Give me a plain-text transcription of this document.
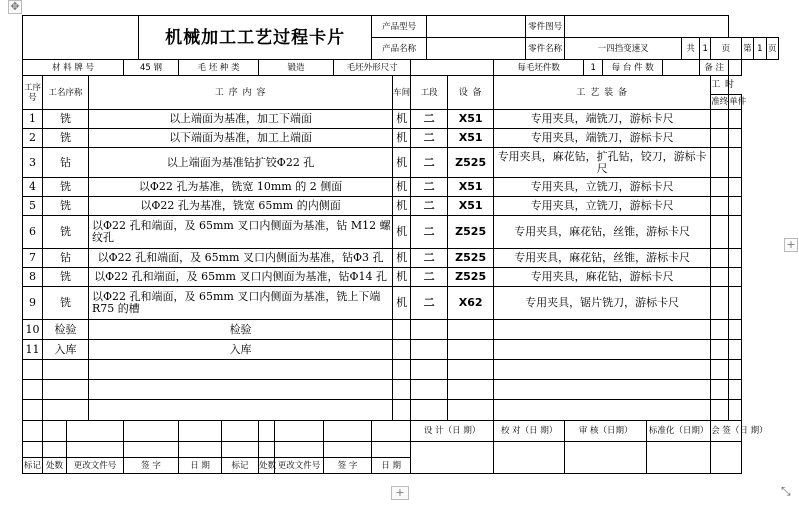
✥
+
+	⤡
					机械加工工艺过程卡片							产品型号						零件图号												
												产品名称						零件名称	一四挡变速叉					共	1	页		第	1	页
材 料 牌 号				45 钢		毛 坯 种 类		锻造			毛坯外形尺寸						每毛坯件数			1	每 台 件 数				备 注					
工序号	工名序称		工 序 内 容										车间	工段		设 备	工 艺 装 备									工 时				
																										准终	单件			
1	铣		以上端面为基准，加工下端面										机	二		X51	专用夹具，端铣刀，游标卡尺													
2	铣		以下端面为基准，加工上端面										机	二		X51	专用夹具，端铣刀，游标卡尺													
3	钻		以上端面为基准钻扩铰Φ22 孔										机	二		Z525	专用夹具，麻花钻，扩孔钻，铰刀，游标卡尺													
4	铣		以Φ22 孔为基准，铣宽 10mm 的 2 侧面										机	二		X51	专用夹具，立铣刀，游标卡尺													
5	铣		以Φ22 孔为基准，铣宽 65mm 的内侧面										机	二		X51	专用夹具，立铣刀，游标卡尺													
6	铣		以Φ22 孔和端面，及 65mm 叉口内侧面为基准，钻 M12 螺纹孔										机	二		Z525	专用夹具，麻花钻，丝锥，游标卡尺													
7	钻		以Φ22 孔和端面，及 65mm 叉口内侧面为基准，钻Φ3 孔										机	二		Z525	专用夹具，麻花钻，丝锥，游标卡尺													
8	铣		以Φ22 孔和端面，及 65mm 叉口内侧面为基准，钻Φ14 孔										机	二		Z525	专用夹具，麻花钻，游标卡尺													
9	铣		以Φ22 孔和端面，及 65mm 叉口内侧面为基准，铣上下端 R75 的槽										机	二		X62	专用夹具，锯片铣刀，游标卡尺													
10	检验		检验																											
11	入库		入库																											

														设 计（日 期）			校 对（日 期）		审 核（日期）			标准化（日期）				会 签（日 期）				

标记	处数	更改文件号		签 字		日 期	标记	处数	更改文件号	签 字		日 期																		
